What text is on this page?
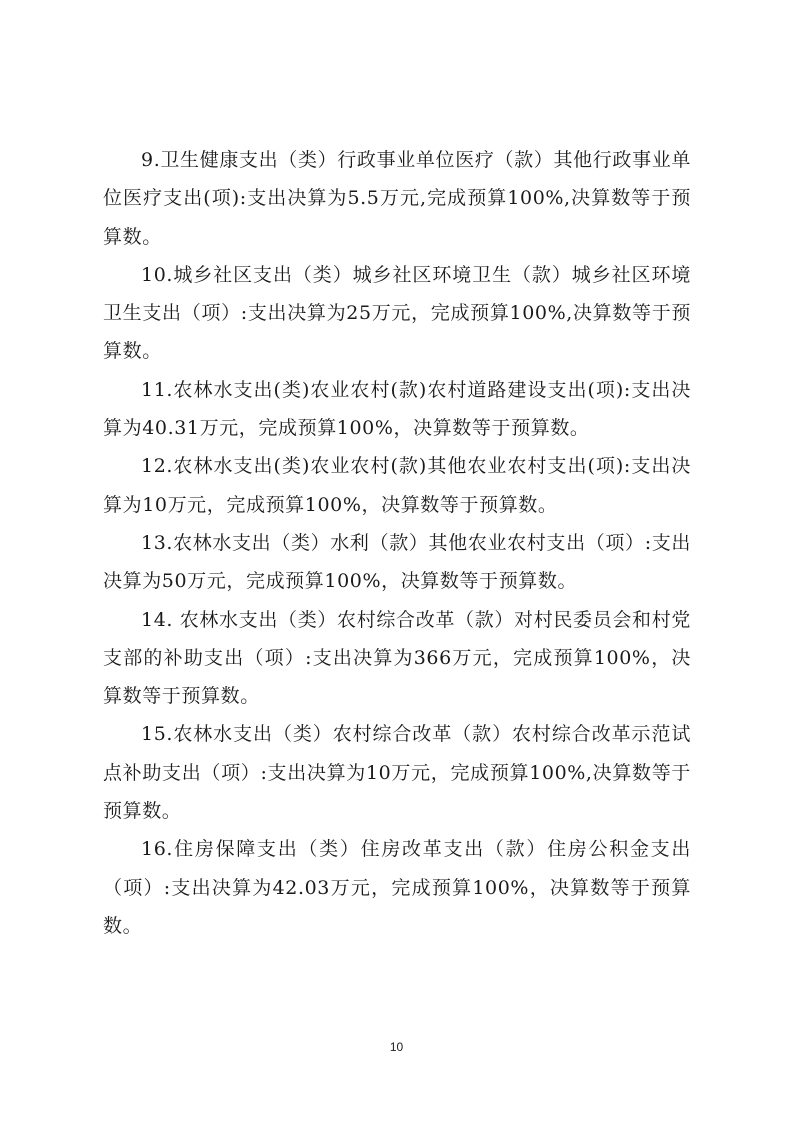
9.卫生健康支出（类）行政事业单位医疗（款）其他行政事业单位医疗支出(项):支出决算为5.5万元,完成预算100%,决算数等于预算数。

10.城乡社区支出（类）城乡社区环境卫生（款）城乡社区环境卫生支出（项）:支出决算为25万元，完成预算100%,决算数等于预算数。

11.农林水支出(类)农业农村(款)农村道路建设支出(项):支出决算为40.31万元，完成预算100%，决算数等于预算数。

12.农林水支出(类)农业农村(款)其他农业农村支出(项):支出决算为10万元，完成预算100%，决算数等于预算数。

13.农林水支出（类）水利（款）其他农业农村支出（项）:支出决算为50万元，完成预算100%，决算数等于预算数。

14. 农林水支出（类）农村综合改革（款）对村民委员会和村党支部的补助支出（项）:支出决算为366万元，完成预算100%，决算数等于预算数。

15.农林水支出（类）农村综合改革（款）农村综合改革示范试点补助支出（项）:支出决算为10万元，完成预算100%,决算数等于预算数。

16.住房保障支出（类）住房改革支出（款）住房公积金支出（项）:支出决算为42.03万元，完成预算100%，决算数等于预算数。

10
